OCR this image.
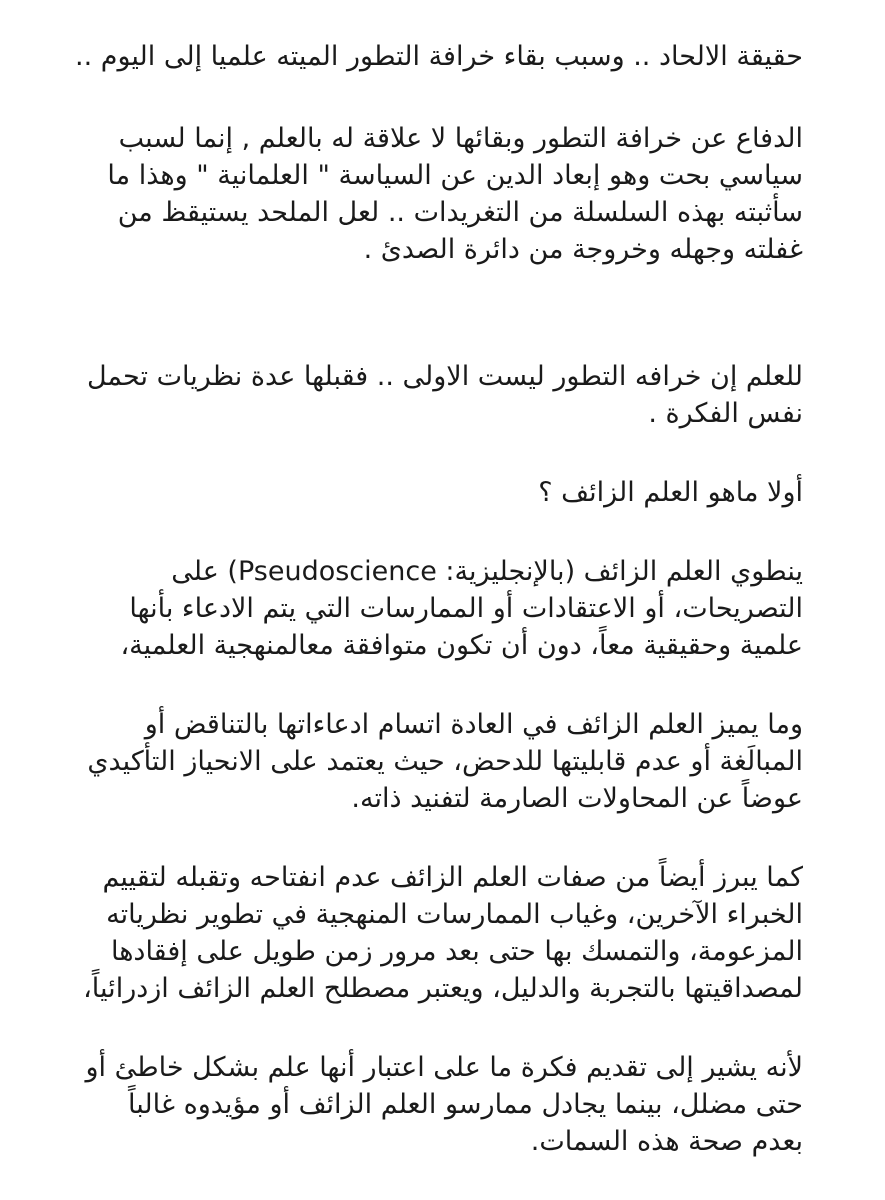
حقيقة الالحاد .. وسبب بقاء خرافة التطور الميته علميا إلى اليوم ..

الدفاع عن خرافة التطور وبقائها لا علاقة له بالعلم , إنما لسبب
سياسي بحت وهو إبعاد الدين عن السياسة " العلمانية " وهذا ما
سأثبته بهذه السلسلة من التغريدات .. لعل الملحد يستيقظ من
غفلته وجهله وخروجة من دائرة الصدئ .

للعلم إن خرافه التطور ليست الاولى .. فقبلها عدة نظريات تحمل
نفس الفكرة .

أولا ماهو العلم الزائف ؟

ينطوي العلم الزائف (بالإنجليزية: Pseudoscience) على
التصريحات، أو الاعتقادات أو الممارسات التي يتم الادعاء بأنها
علمية وحقيقية معاً، دون أن تكون متوافقة معالمنهجية العلمية،

وما يميز العلم الزائف في العادة اتسام ادعاءاتها بالتناقض أو
المبالَغة أو عدم قابليتها للدحض، حيث يعتمد على الانحياز التأكيدي
عوضاً عن المحاولات الصارمة لتفنيد ذاته.

كما يبرز أيضاً من صفات العلم الزائف عدم انفتاحه وتقبله لتقييم
الخبراء الآخرين، وغياب الممارسات المنهجية في تطوير نظرياته
المزعومة، والتمسك بها حتى بعد مرور زمن طويل على إفقادها
لمصداقيتها بالتجربة والدليل، ويعتبر مصطلح العلم الزائف ازدرائياً،

لأنه يشير إلى تقديم فكرة ما على اعتبار أنها علم بشكل خاطئ أو
حتى مضلل، بينما يجادل ممارسو العلم الزائف أو مؤيدوه غالباً
بعدم صحة هذه السمات.
